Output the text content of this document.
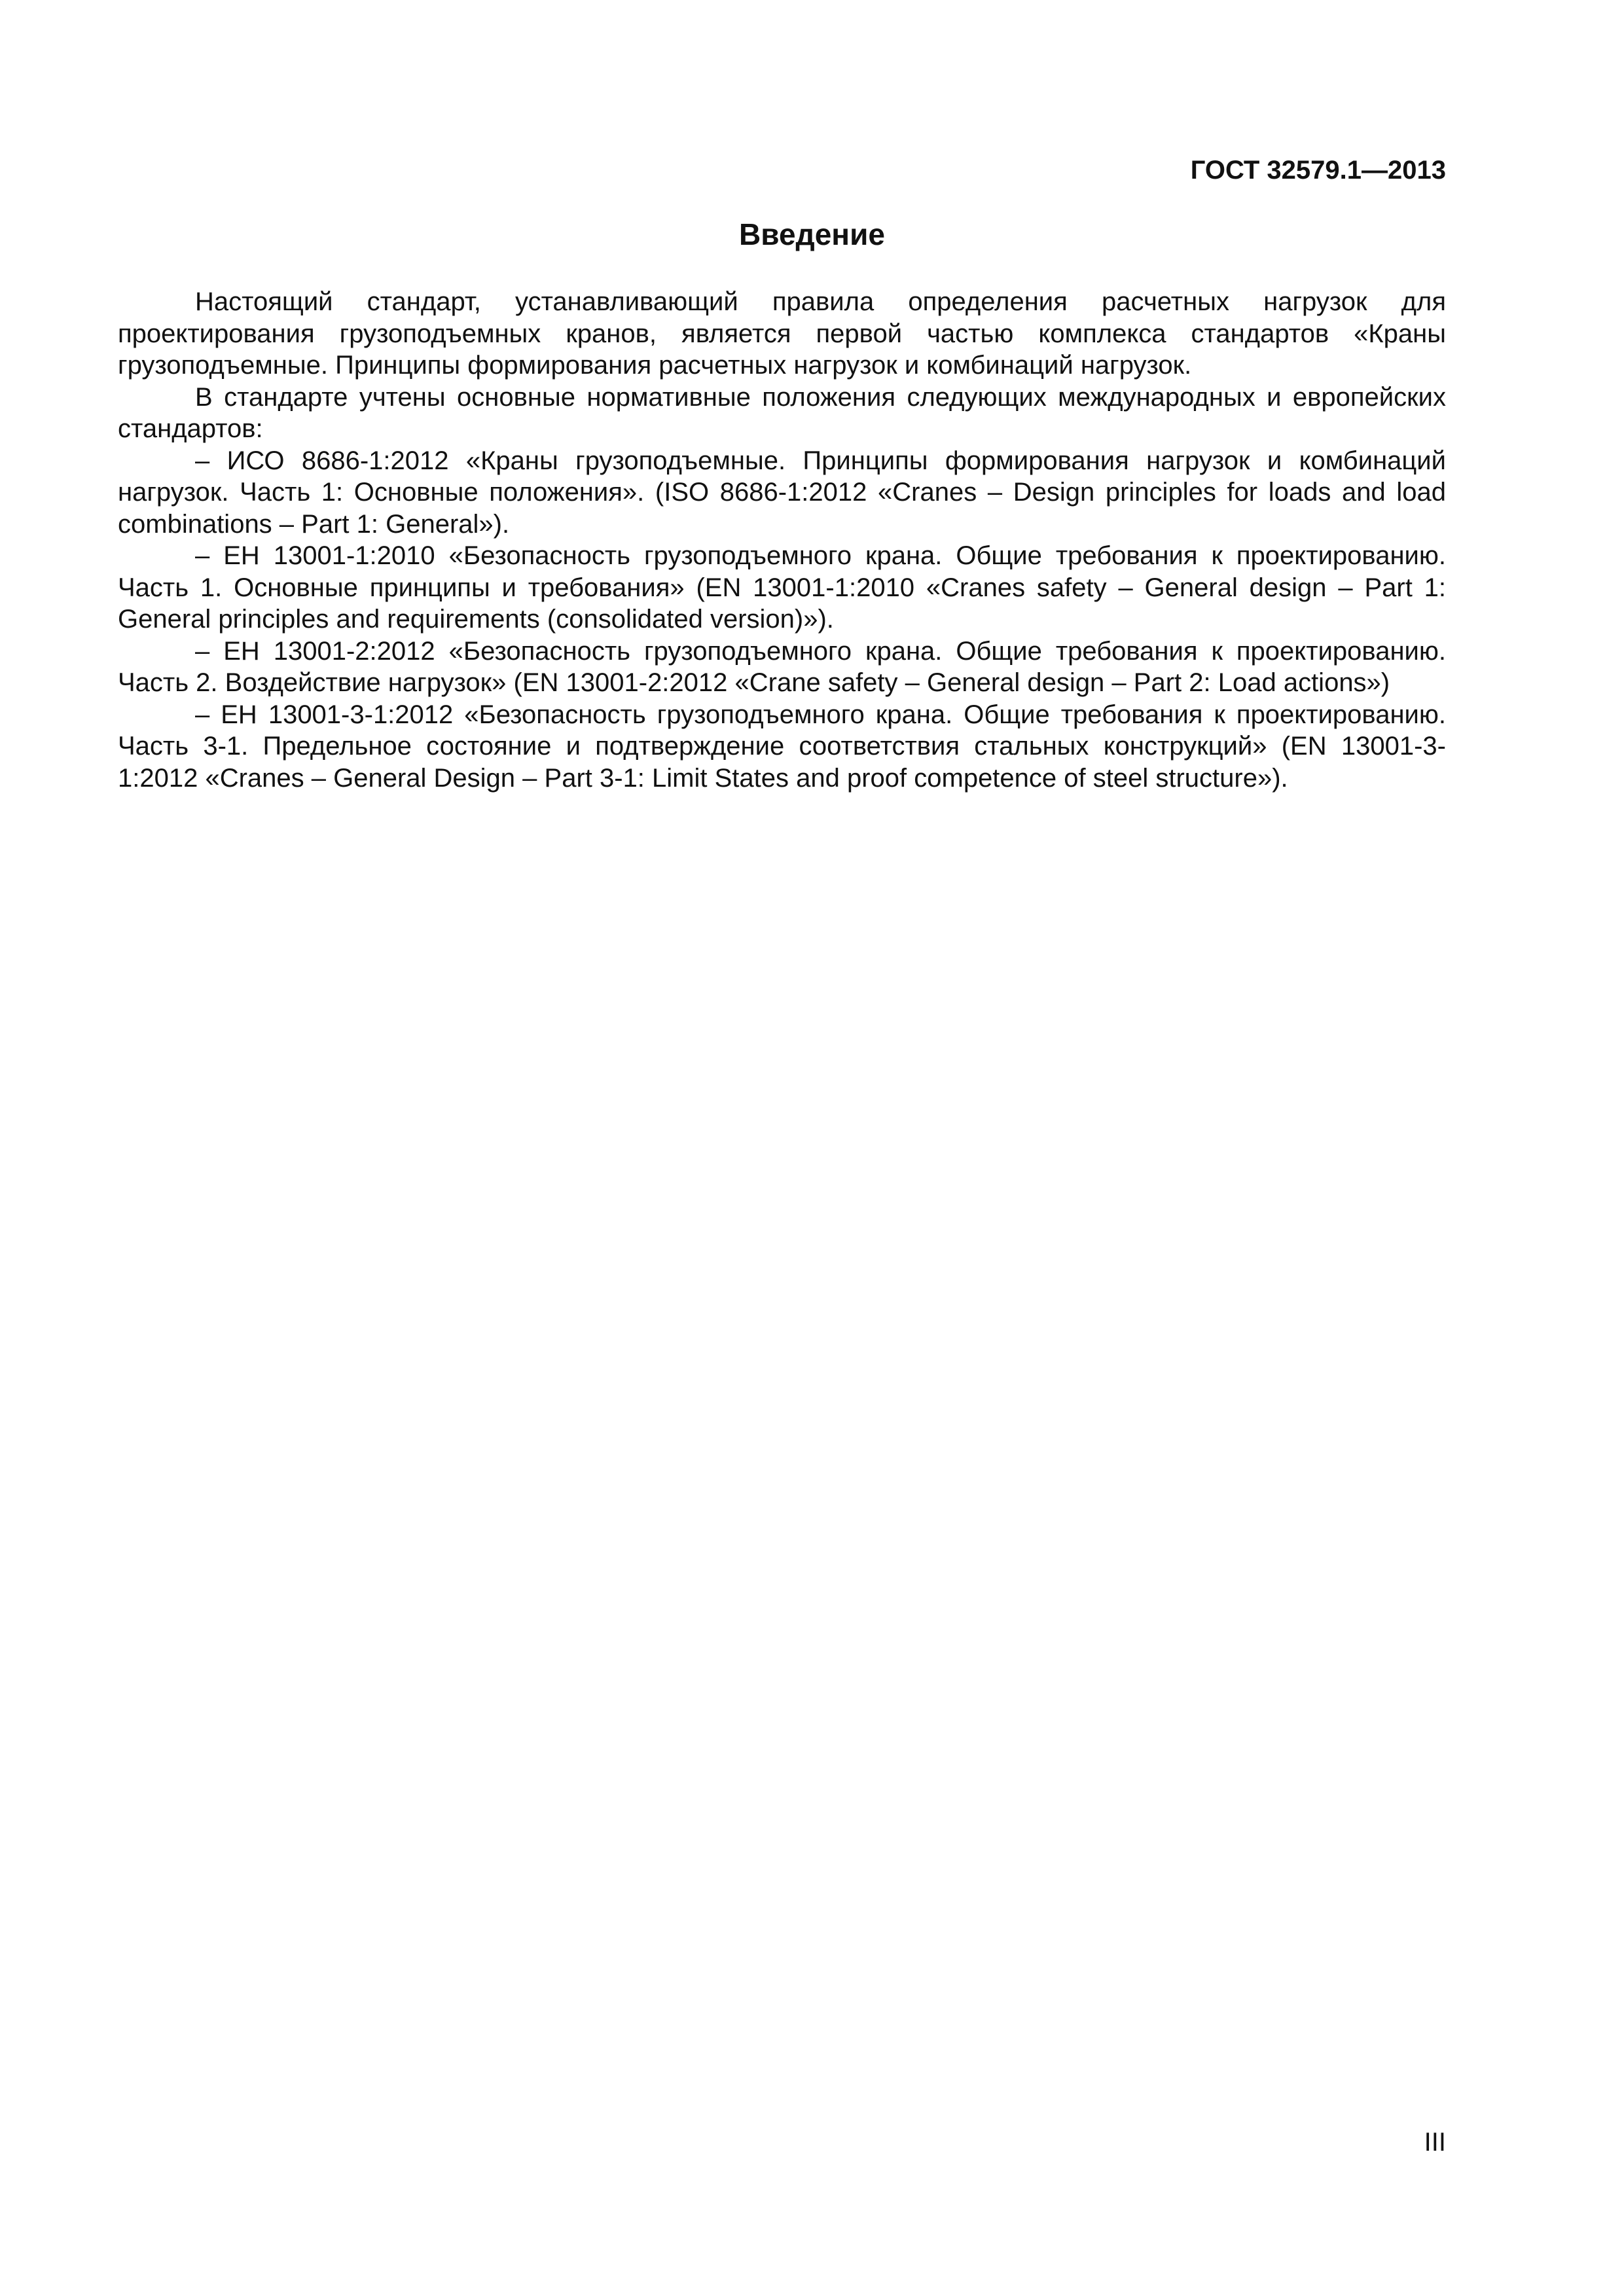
ГОСТ 32579.1—2013
Введение

Настоящий стандарт, устанавливающий правила определения расчетных нагрузок для проектирования грузоподъемных кранов, является первой частью комплекса стандартов «Краны грузоподъемные. Принципы формирования расчетных нагрузок и комбинаций нагрузок.

В стандарте учтены основные нормативные положения следующих международных и европейских стандартов:

– ИСО 8686-1:2012 «Краны грузоподъемные. Принципы формирования нагрузок и комбинаций нагрузок. Часть 1: Основные положения». (ISO 8686-1:2012 «Cranes – Design principles for loads and load combinations – Part 1: General»).

– ЕН 13001-1:2010 «Безопасность грузоподъемного крана. Общие требования к проектированию. Часть 1. Основные принципы и требования» (EN 13001-1:2010 «Cranes safety – General design – Part 1: General principles and requirements (consolidated version)»).

– ЕН 13001-2:2012 «Безопасность грузоподъемного крана. Общие требования к проектированию. Часть 2. Воздействие нагрузок» (EN 13001-2:2012 «Crane safety – General design – Part 2: Load actions»)

– ЕН 13001-3-1:2012 «Безопасность грузоподъемного крана. Общие требования к проектированию. Часть 3-1. Предельное состояние и подтверждение соответствия стальных конструкций» (EN 13001-3-1:2012 «Cranes – General Design – Part 3-1: Limit States and proof competence of steel structure»).

III
